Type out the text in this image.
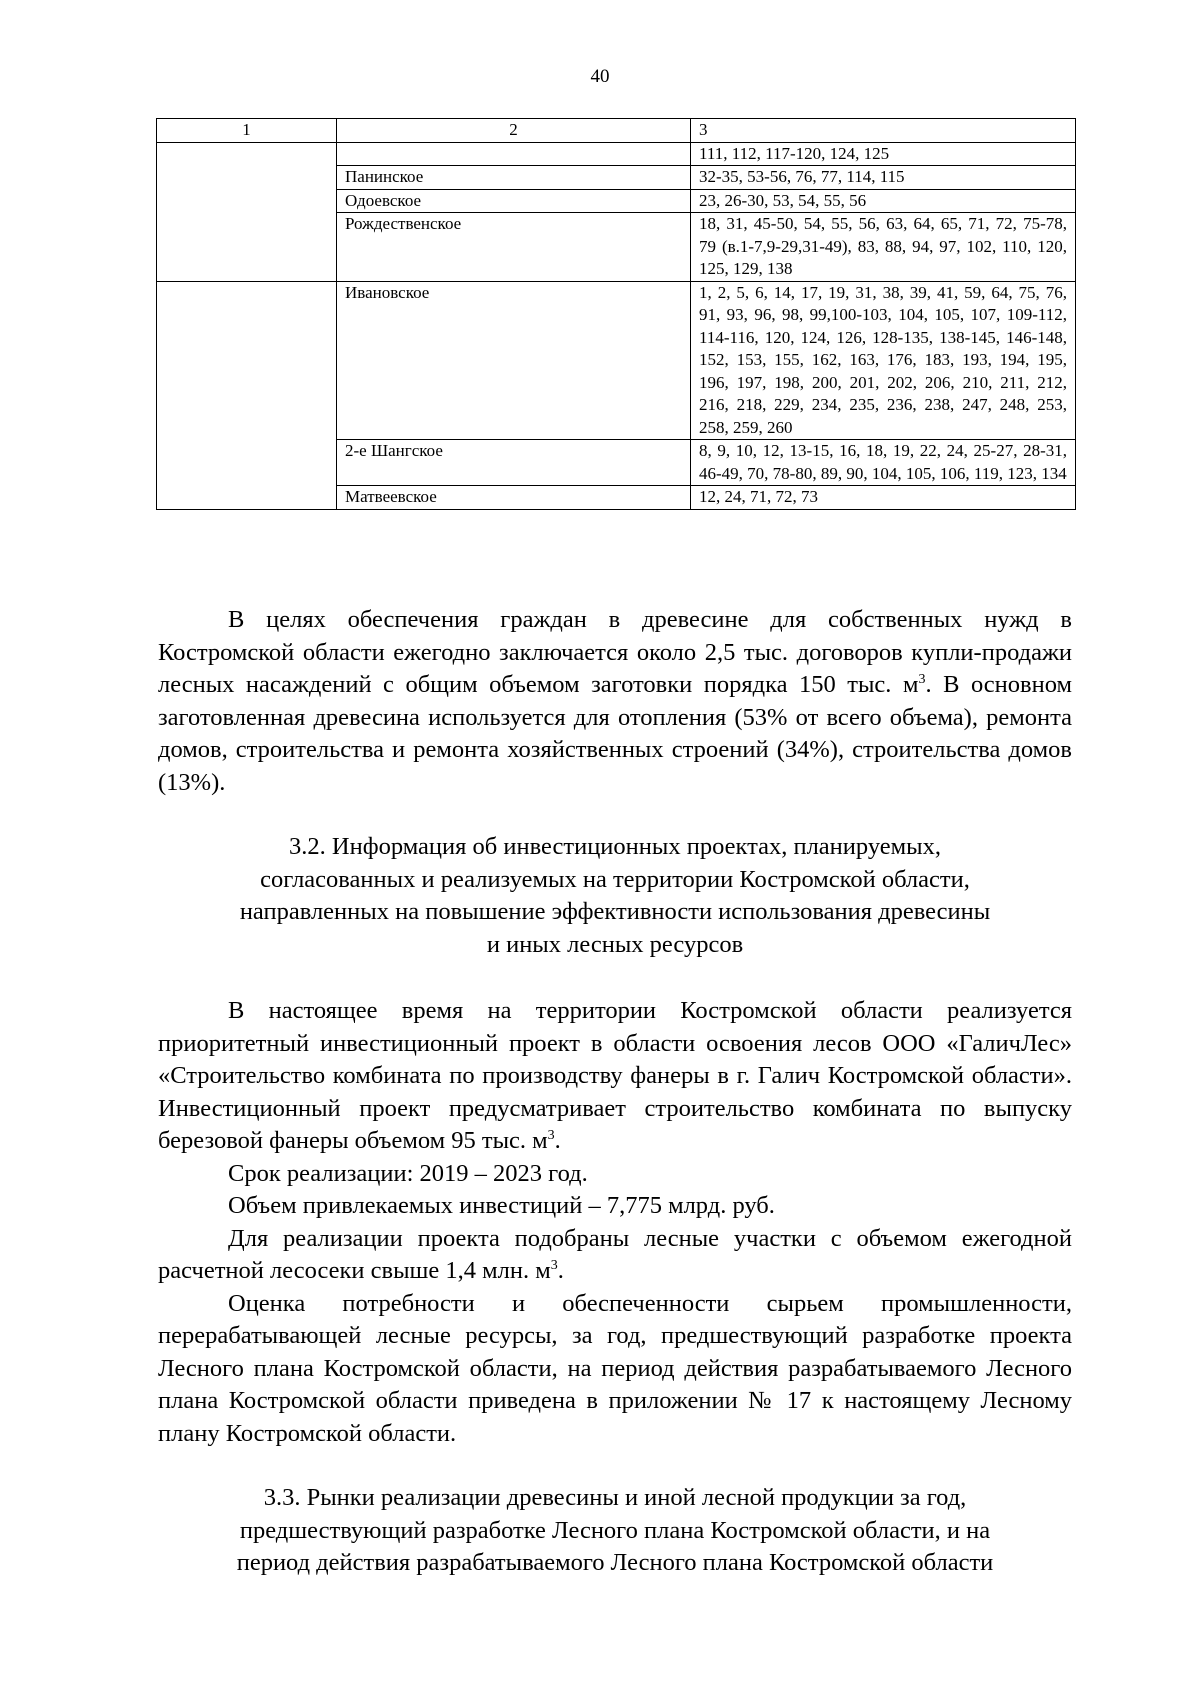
40
1	2	3
		111, 112, 117-120, 124, 125
	Панинское	32-35, 53-56, 76, 77, 114, 115
	Одоевское	23, 26-30, 53, 54, 55, 56
	Рождественское	18, 31, 45-50, 54, 55, 56, 63, 64, 65, 71, 72, 75-78, 79 (в.1-7,9-29,31-49), 83, 88, 94, 97, 102, 110, 120, 125, 129, 138
	Ивановское	1, 2, 5, 6, 14, 17, 19, 31, 38, 39, 41, 59, 64, 75, 76, 91, 93, 96, 98, 99,100-103, 104, 105, 107, 109-112, 114-116, 120, 124, 126, 128-135, 138-145, 146-148, 152, 153, 155, 162, 163, 176, 183, 193, 194, 195, 196, 197, 198, 200, 201, 202, 206, 210, 211, 212, 216, 218, 229, 234, 235, 236, 238, 247, 248, 253, 258, 259, 260
	2-е Шангское	8, 9, 10, 12, 13-15, 16, 18, 19, 22, 24, 25-27, 28-31, 46-49, 70, 78-80, 89, 90, 104, 105, 106, 119, 123, 134
	Матвеевское	12, 24, 71, 72, 73

В целях обеспечения граждан в древесине для собственных нужд в Костромской области ежегодно заключается около 2,5 тыс. договоров купли-продажи лесных насаждений с общим объемом заготовки порядка 150 тыс. $м^3$. В основном заготовленная древесина используется для отопления (53% от всего объема), ремонта домов, строительства и ремонта хозяйственных строений (34%), строительства домов (13%).

3.2. Информация об инвестиционных проектах, планируемых,
согласованных и реализуемых на территории Костромской области,
направленных на повышение эффективности использования древесины
и иных лесных ресурсов

В настоящее время на территории Костромской области реализуется приоритетный инвестиционный проект в области освоения лесов ООО «ГаличЛес» «Строительство комбината по производству фанеры в г. Галич Костромской области». Инвестиционный проект предусматривает строительство комбината по выпуску березовой фанеры объемом 95 тыс. $м^3$.

Срок реализации: 2019 – 2023 год.

Объем привлекаемых инвестиций – 7,775 млрд. руб.

Для реализации проекта подобраны лесные участки с объемом ежегодной расчетной лесосеки свыше 1,4 млн. $м^3$.

Оценка потребности и обеспеченности сырьем промышленности, перерабатывающей лесные ресурсы, за год, предшествующий разработке проекта Лесного плана Костромской области, на период действия разрабатываемого Лесного плана Костромской области приведена в приложении № 17 к настоящему Лесному плану Костромской области.

3.3. Рынки реализации древесины и иной лесной продукции за год,
предшествующий разработке Лесного плана Костромской области, и на
период действия разрабатываемого Лесного плана Костромской области
